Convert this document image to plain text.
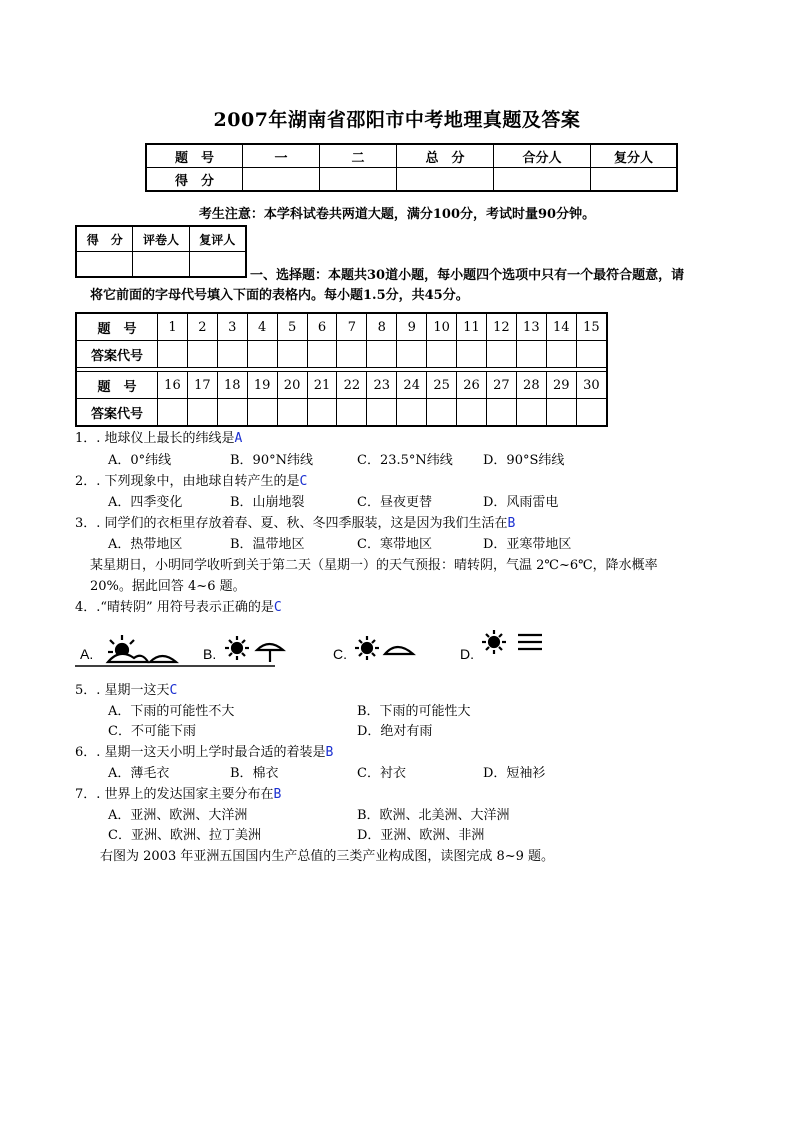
2007年湖南省邵阳市中考地理真题及答案
题　号	一	二	总　分	合分人	复分人
得　分					
考生注意：本学科试卷共两道大题，满分100分，考试时量90分钟。
得　分	评卷人	复评人

一、选择题：本题共30道小题，每小题四个选项中只有一个最符合题意，请
将它前面的字母代号填入下面的表格内。每小题1.5分，共45分。
题　号	1	2	3	4	5	6	7	8	9	10	11	12	13	14	15
答案代号															

题　号	16	17	18	19	20	21	22	23	24	25	26	27	28	29	30
答案代号															
1．. 地球仪上最长的纬线是A
A．0°纬线	B．90°N纬线	C．23.5°N纬线 D．90°S纬线
2．. 下列现象中，由地球自转产生的是C
A．四季变化	B．山崩地裂	C．昼夜更替	D．风雨雷电
3．. 同学们的衣柜里存放着春、夏、秋、冬四季服装，这是因为我们生活在B
A．热带地区	B．温带地区	C．寒带地区	D．亚寒带地区
某星期日，小明同学收听到关于第二天（星期一）的天气预报：晴转阴，气温 2℃~6℃，降水概率
20%。据此回答 4~6 题。
4．.“晴转阴” 用符号表示正确的是C
A.	B.	C.	D.
5．. 星期一这天C
A．下雨的可能性不大	B．下雨的可能性大
C．不可能下雨	D．绝对有雨
6．. 星期一这天小明上学时最合适的着装是B
A．薄毛衣	B．棉衣	C．衬衣	D．短袖衫
7．. 世界上的发达国家主要分布在B
A．亚洲、欧洲、大洋洲	B．欧洲、北美洲、大洋洲
C．亚洲、欧洲、拉丁美洲	D．亚洲、欧洲、非洲
右图为 2003 年亚洲五国国内生产总值的三类产业构成图，读图完成 8~9 题。
